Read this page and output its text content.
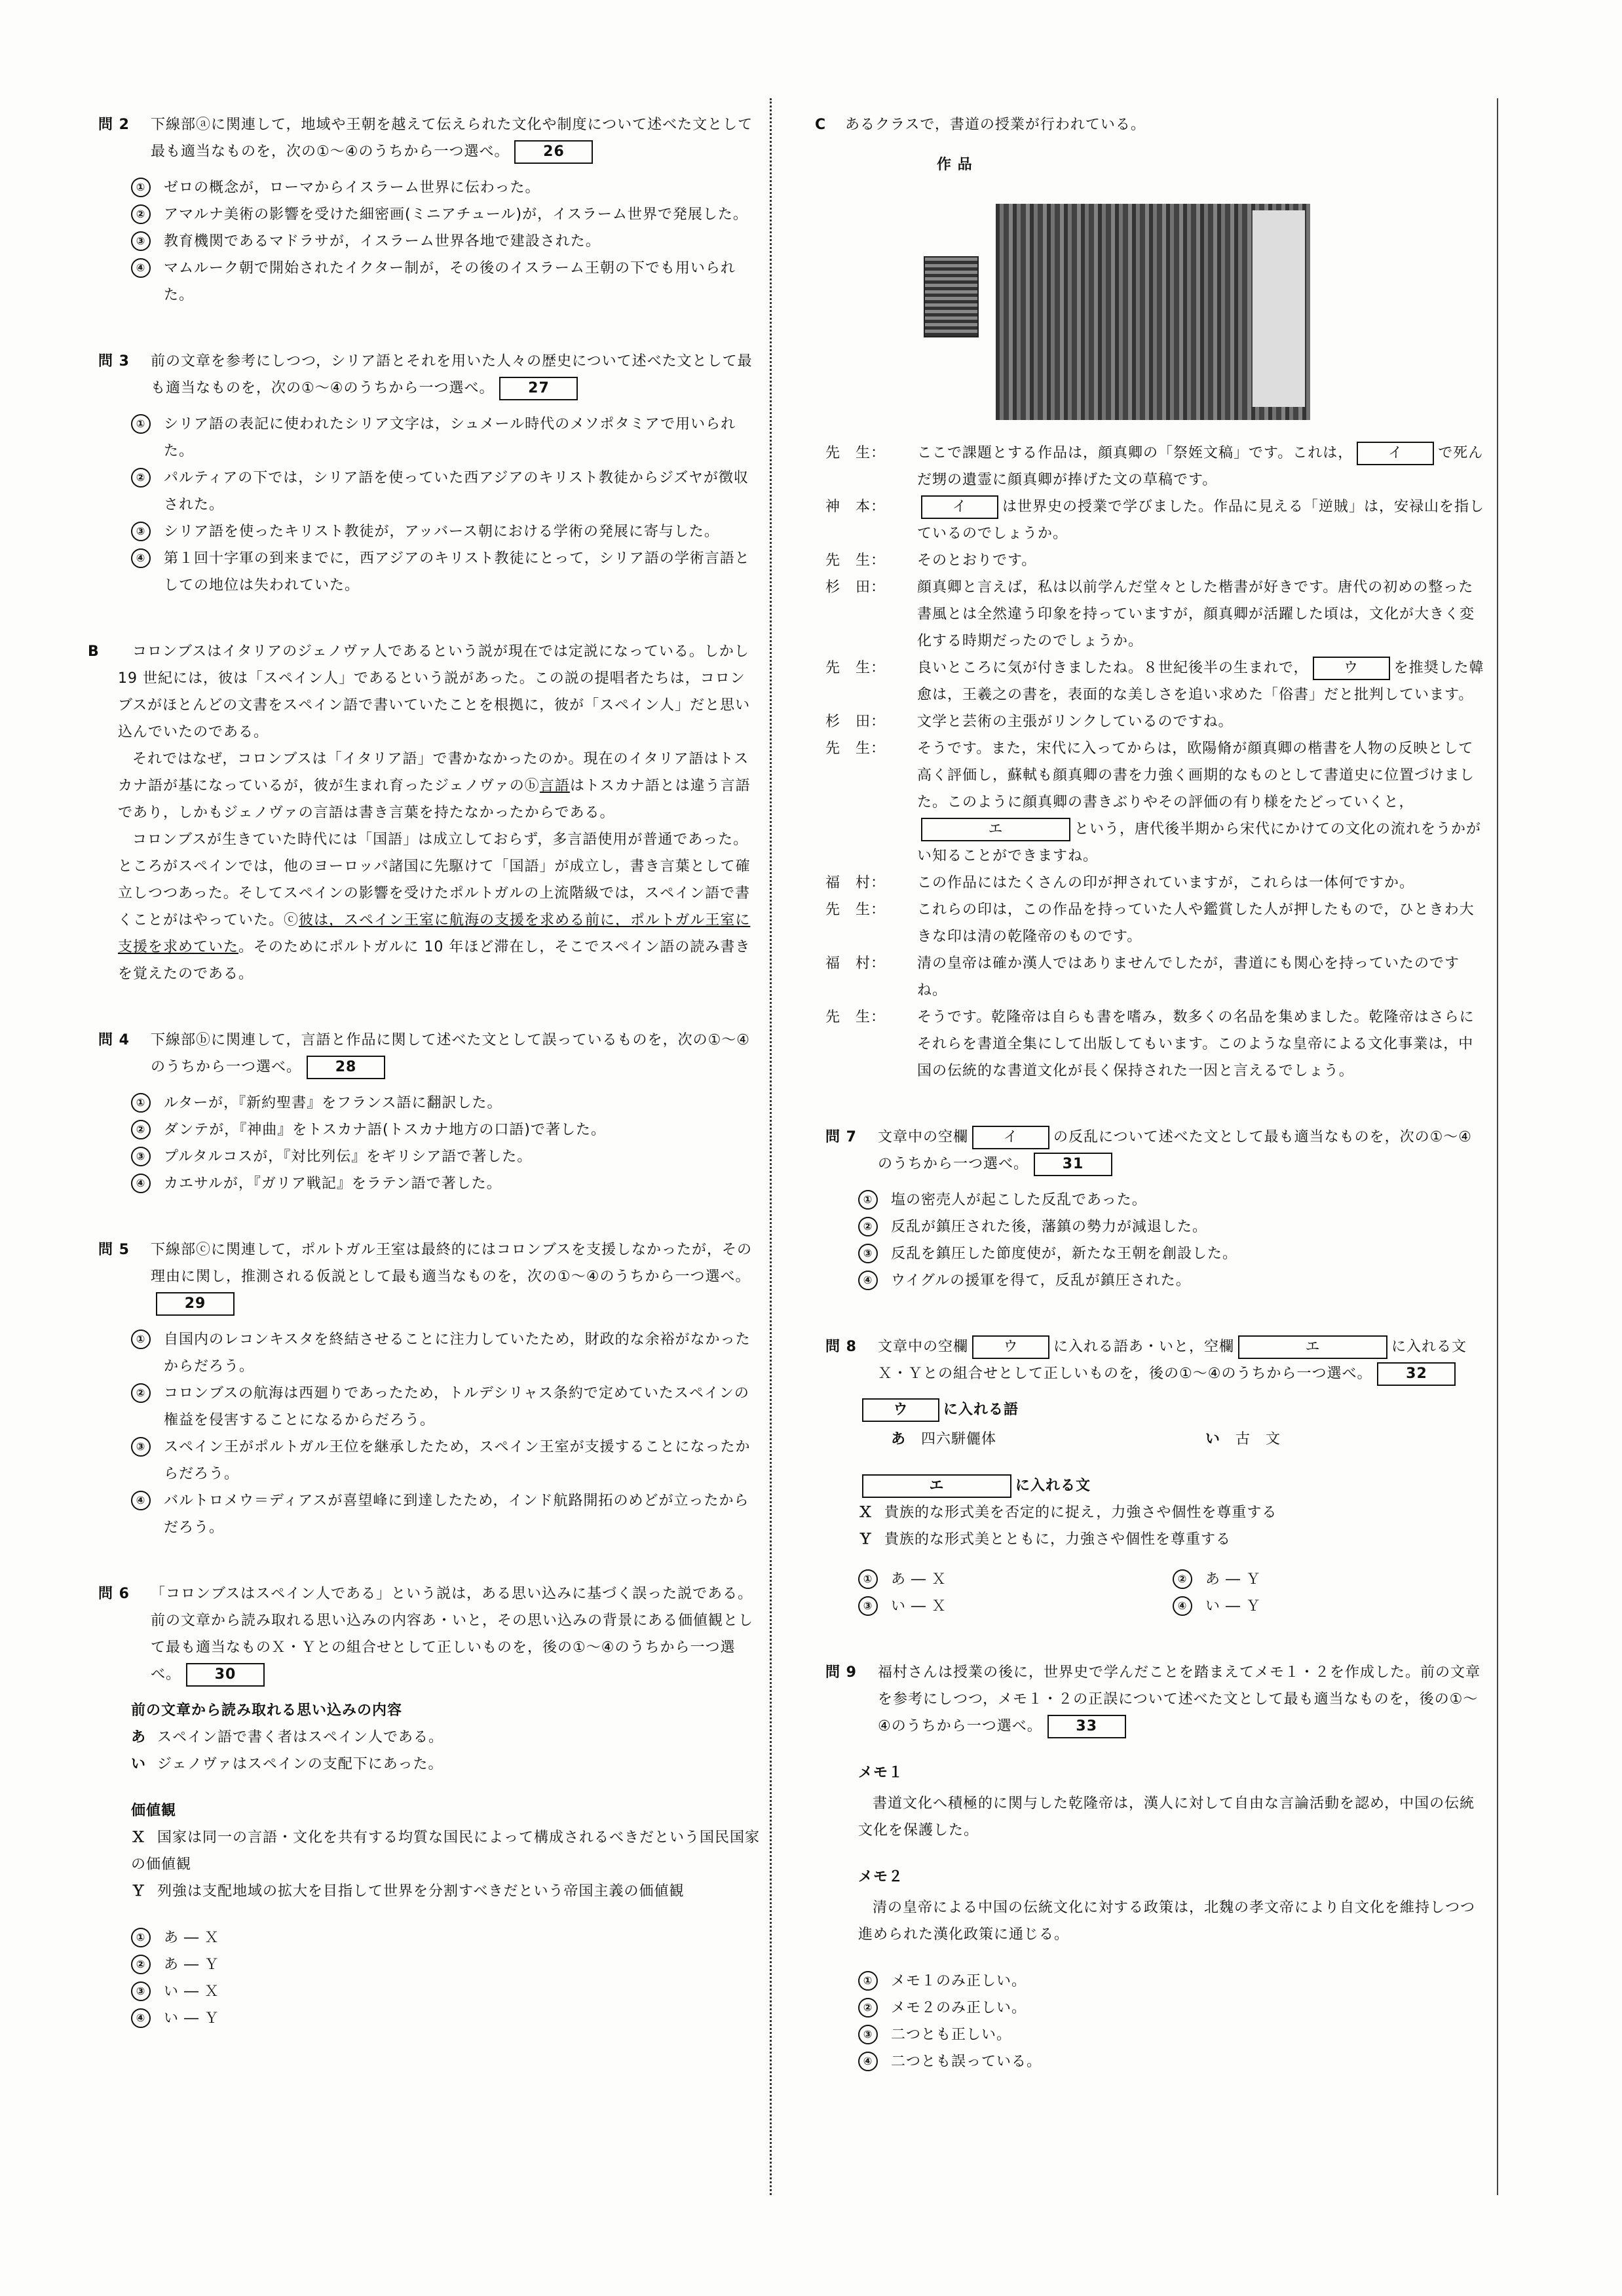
問 2 下線部ⓐに関連して，地域や王朝を越えて伝えられた文化や制度について述べた文として最も適当なものを，次の①～④のうちから一つ選べ。 26
①	ゼロの概念が，ローマからイスラーム世界に伝わった。
②	アマルナ美術の影響を受けた細密画(ミニアチュール)が，イスラーム世界で発展した。
③	教育機関であるマドラサが，イスラーム世界各地で建設された。
④	マムルーク朝で開始されたイクター制が，その後のイスラーム王朝の下でも用いられた。
問 3 前の文章を参考にしつつ，シリア語とそれを用いた人々の歴史について述べた文として最も適当なものを，次の①～④のうちから一つ選べ。 27
①	シリア語の表記に使われたシリア文字は，シュメール時代のメソポタミアで用いられた。
②	パルティアの下では，シリア語を使っていた西アジアのキリスト教徒からジズヤが徴収された。
③	シリア語を使ったキリスト教徒が，アッバース朝における学術の発展に寄与した。
④	第１回十字軍の到来までに，西アジアのキリスト教徒にとって，シリア語の学術言語としての地位は失われていた。
B	コロンブスはイタリアのジェノヴァ人であるという説が現在では定説になっている。しかし 19 世紀には，彼は「スペイン人」であるという説があった。この説の提唱者たちは，コロンブスがほとんどの文書をスペイン語で書いていたことを根拠に，彼が「スペイン人」だと思い込んでいたのである。
それではなぜ，コロンブスは「イタリア語」で書かなかったのか。現在のイタリア語はトスカナ語が基になっているが，彼が生まれ育ったジェノヴァのⓑ言語はトスカナ語とは違う言語であり，しかもジェノヴァの言語は書き言葉を持たなかったからである。
コロンブスが生きていた時代には「国語」は成立しておらず，多言語使用が普通であった。ところがスペインでは，他のヨーロッパ諸国に先駆けて「国語」が成立し，書き言葉として確立しつつあった。そしてスペインの影響を受けたポルトガルの上流階級では，スペイン語で書くことがはやっていた。ⓒ彼は，スペイン王室に航海の支援を求める前に，ポルトガル王室に支援を求めていた。そのためにポルトガルに 10 年ほど滞在し，そこでスペイン語の読み書きを覚えたのである。
問 4 下線部ⓑに関連して，言語と作品に関して述べた文として誤っているものを，次の①～④のうちから一つ選べ。 28
①	ルターが，『新約聖書』をフランス語に翻訳した。
②	ダンテが，『神曲』をトスカナ語(トスカナ地方の口語)で著した。
③	プルタルコスが，『対比列伝』をギリシア語で著した。
④	カエサルが，『ガリア戦記』をラテン語で著した。
問 5 下線部ⓒに関連して，ポルトガル王室は最終的にはコロンブスを支援しなかったが，その理由に関し，推測される仮説として最も適当なものを，次の①～④のうちから一つ選べ。29
①	自国内のレコンキスタを終結させることに注力していたため，財政的な余裕がなかったからだろう。
②	コロンブスの航海は西廻りであったため，トルデシリャス条約で定めていたスペインの権益を侵害することになるからだろう。
③	スペイン王がポルトガル王位を継承したため，スペイン王室が支援することになったからだろう。
④	バルトロメウ＝ディアスが喜望峰に到達したため，インド航路開拓のめどが立ったからだろう。
問 6 「コロンブスはスペイン人である」という説は，ある思い込みに基づく誤った説である。前の文章から読み取れる思い込みの内容あ・いと，その思い込みの背景にある価値観として最も適当なものＸ・Ｙとの組合せとして正しいものを，後の①～④のうちから一つ選べ。 30
前の文章から読み取れる思い込みの内容
あ スペイン語で書く者はスペイン人である。
い ジェノヴァはスペインの支配下にあった。
価値観
Ｘ 国家は同一の言語・文化を共有する均質な国民によって構成されるべきだという国民国家の価値観
Ｙ 列強は支配地域の拡大を目指して世界を分割すべきだという帝国主義の価値観
①	あ ― Ｘ
②	あ ― Ｙ
③	い ― Ｘ
④	い ― Ｙ
C あるクラスで，書道の授業が行われている。
作 品
先　生：	ここで課題とする作品は，顔真卿の「祭姪文稿」です。これは， イ で死んだ甥の遺霊に顔真卿が捧げた文の草稿です。
神　本：	イ は世界史の授業で学びました。作品に見える「逆賊」は，安禄山を指しているのでしょうか。
先　生：	そのとおりです。
杉　田：	顔真卿と言えば，私は以前学んだ堂々とした楷書が好きです。唐代の初めの整った書風とは全然違う印象を持っていますが，顔真卿が活躍した頃は，文化が大きく変化する時期だったのでしょうか。
先　生：	良いところに気が付きましたね。８世紀後半の生まれで， ウ を推奨した韓愈は，王羲之の書を，表面的な美しさを追い求めた「俗書」だと批判しています。
杉　田：	文学と芸術の主張がリンクしているのですね。
先　生：	そうです。また，宋代に入ってからは，欧陽脩が顔真卿の楷書を人物の反映として高く評価し，蘇軾も顔真卿の書を力強く画期的なものとして書道史に位置づけました。このように顔真卿の書きぶりやその評価の有り様をたどっていくと，エ	という，唐代後半期から宋代にかけての文化の流れをうかがい知ることができますね。
福　村：	この作品にはたくさんの印が押されていますが，これらは一体何ですか。
先　生：	これらの印は，この作品を持っていた人や鑑賞した人が押したもので，ひときわ大きな印は清の乾隆帝のものです。
福　村：	清の皇帝は確か漢人ではありませんでしたが，書道にも関心を持っていたのですね。
先　生：	そうです。乾隆帝は自らも書を嗜み，数多くの名品を集めました。乾隆帝はさらにそれらを書道全集にして出版してもいます。このような皇帝による文化事業は，中国の伝統的な書道文化が長く保持された一因と言えるでしょう。
問 7 文章中の空欄 イ の反乱について述べた文として最も適当なものを，次の①～④のうちから一つ選べ。 31
①	塩の密売人が起こした反乱であった。
②	反乱が鎮圧された後，藩鎮の勢力が減退した。
③	反乱を鎮圧した節度使が，新たな王朝を創設した。
④	ウイグルの援軍を得て，反乱が鎮圧された。
問 8 文章中の空欄 ウ に入れる語あ・いと，空欄	エ	に入れる文Ｘ・Ｙとの組合せとして正しいものを，後の①～④のうちから一つ選べ。 32
ウ に入れる語
あ　 四六駢儷体	い　 古　文
エ	に入れる文
Ｘ 貴族的な形式美を否定的に捉え，力強さや個性を尊重する
Ｙ 貴族的な形式美とともに，力強さや個性を尊重する
①	あ ― Ｘ	②	あ ― Ｙ
③	い ― Ｘ	④	い ― Ｙ
問 9 福村さんは授業の後に，世界史で学んだことを踏まえてメモ１・２を作成した。前の文章を参考にしつつ，メモ１・２の正誤について述べた文として最も適当なものを，後の①～④のうちから一つ選べ。 33
メモ１
書道文化へ積極的に関与した乾隆帝は，漢人に対して自由な言論活動を認め，中国の伝統文化を保護した。
メモ２
清の皇帝による中国の伝統文化に対する政策は，北魏の孝文帝により自文化を維持しつつ進められた漢化政策に通じる。
①	メモ１のみ正しい。
②	メモ２のみ正しい。
③	二つとも正しい。
④	二つとも誤っている。
